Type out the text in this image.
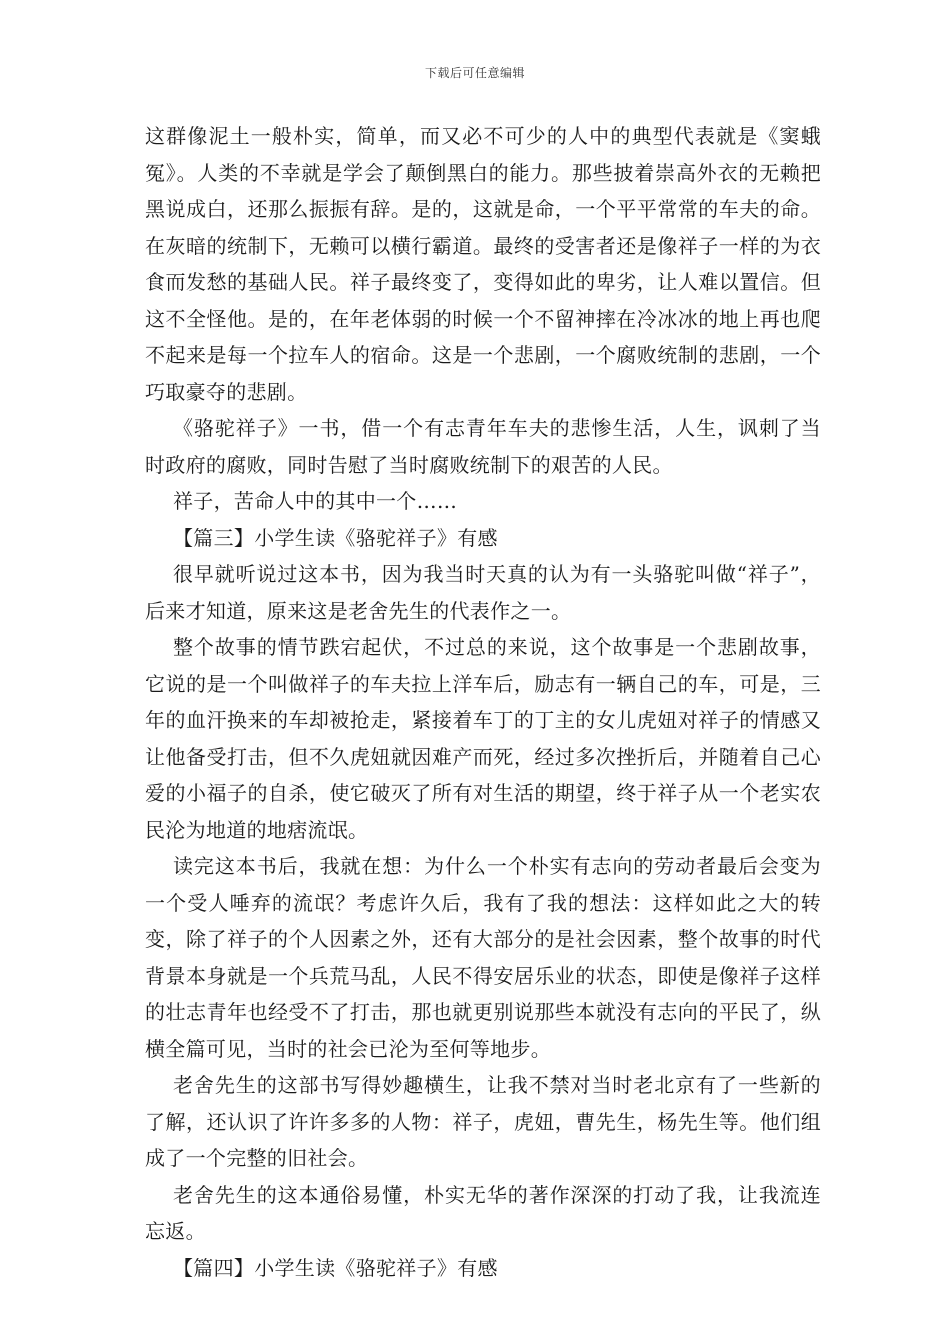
下载后可任意编辑

这群像泥土一般朴实，简单，而又必不可少的人中的典型代表就是《窦蛾冤》。人类的不幸就是学会了颠倒黑白的能力。那些披着崇高外衣的无赖把黑说成白，还那么振振有辞。是的，这就是命，一个平平常常的车夫的命。在灰暗的统制下，无赖可以横行霸道。最终的受害者还是像祥子一样的为衣食而发愁的基础人民。祥子最终变了，变得如此的卑劣，让人难以置信。但这不全怪他。是的，在年老体弱的时候一个不留神摔在冷冰冰的地上再也爬不起来是每一个拉车人的宿命。这是一个悲剧，一个腐败统制的悲剧，一个巧取豪夺的悲剧。

《骆驼祥子》一书，借一个有志青年车夫的悲惨生活，人生，讽刺了当时政府的腐败，同时告慰了当时腐败统制下的艰苦的人民。

祥子，苦命人中的其中一个……

【篇三】小学生读《骆驼祥子》有感

很早就听说过这本书，因为我当时天真的认为有一头骆驼叫做“祥子”，后来才知道，原来这是老舍先生的代表作之一。

整个故事的情节跌宕起伏，不过总的来说，这个故事是一个悲剧故事，它说的是一个叫做祥子的车夫拉上洋车后，励志有一辆自己的车，可是，三年的血汗换来的车却被抢走，紧接着车丁的丁主的女儿虎妞对祥子的情感又让他备受打击，但不久虎妞就因难产而死，经过多次挫折后，并随着自己心爱的小福子的自杀，使它破灭了所有对生活的期望，终于祥子从一个老实农民沦为地道的地痞流氓。

读完这本书后，我就在想：为什么一个朴实有志向的劳动者最后会变为一个受人唾弃的流氓？考虑许久后，我有了我的想法：这样如此之大的转变，除了祥子的个人因素之外，还有大部分的是社会因素，整个故事的时代背景本身就是一个兵荒马乱，人民不得安居乐业的状态，即使是像祥子这样的壮志青年也经受不了打击，那也就更别说那些本就没有志向的平民了，纵横全篇可见，当时的社会已沦为至何等地步。

老舍先生的这部书写得妙趣横生，让我不禁对当时老北京有了一些新的了解，还认识了许许多多的人物：祥子，虎妞，曹先生，杨先生等。他们组成了一个完整的旧社会。

老舍先生的这本通俗易懂，朴实无华的著作深深的打动了我，让我流连忘返。

【篇四】小学生读《骆驼祥子》有感
